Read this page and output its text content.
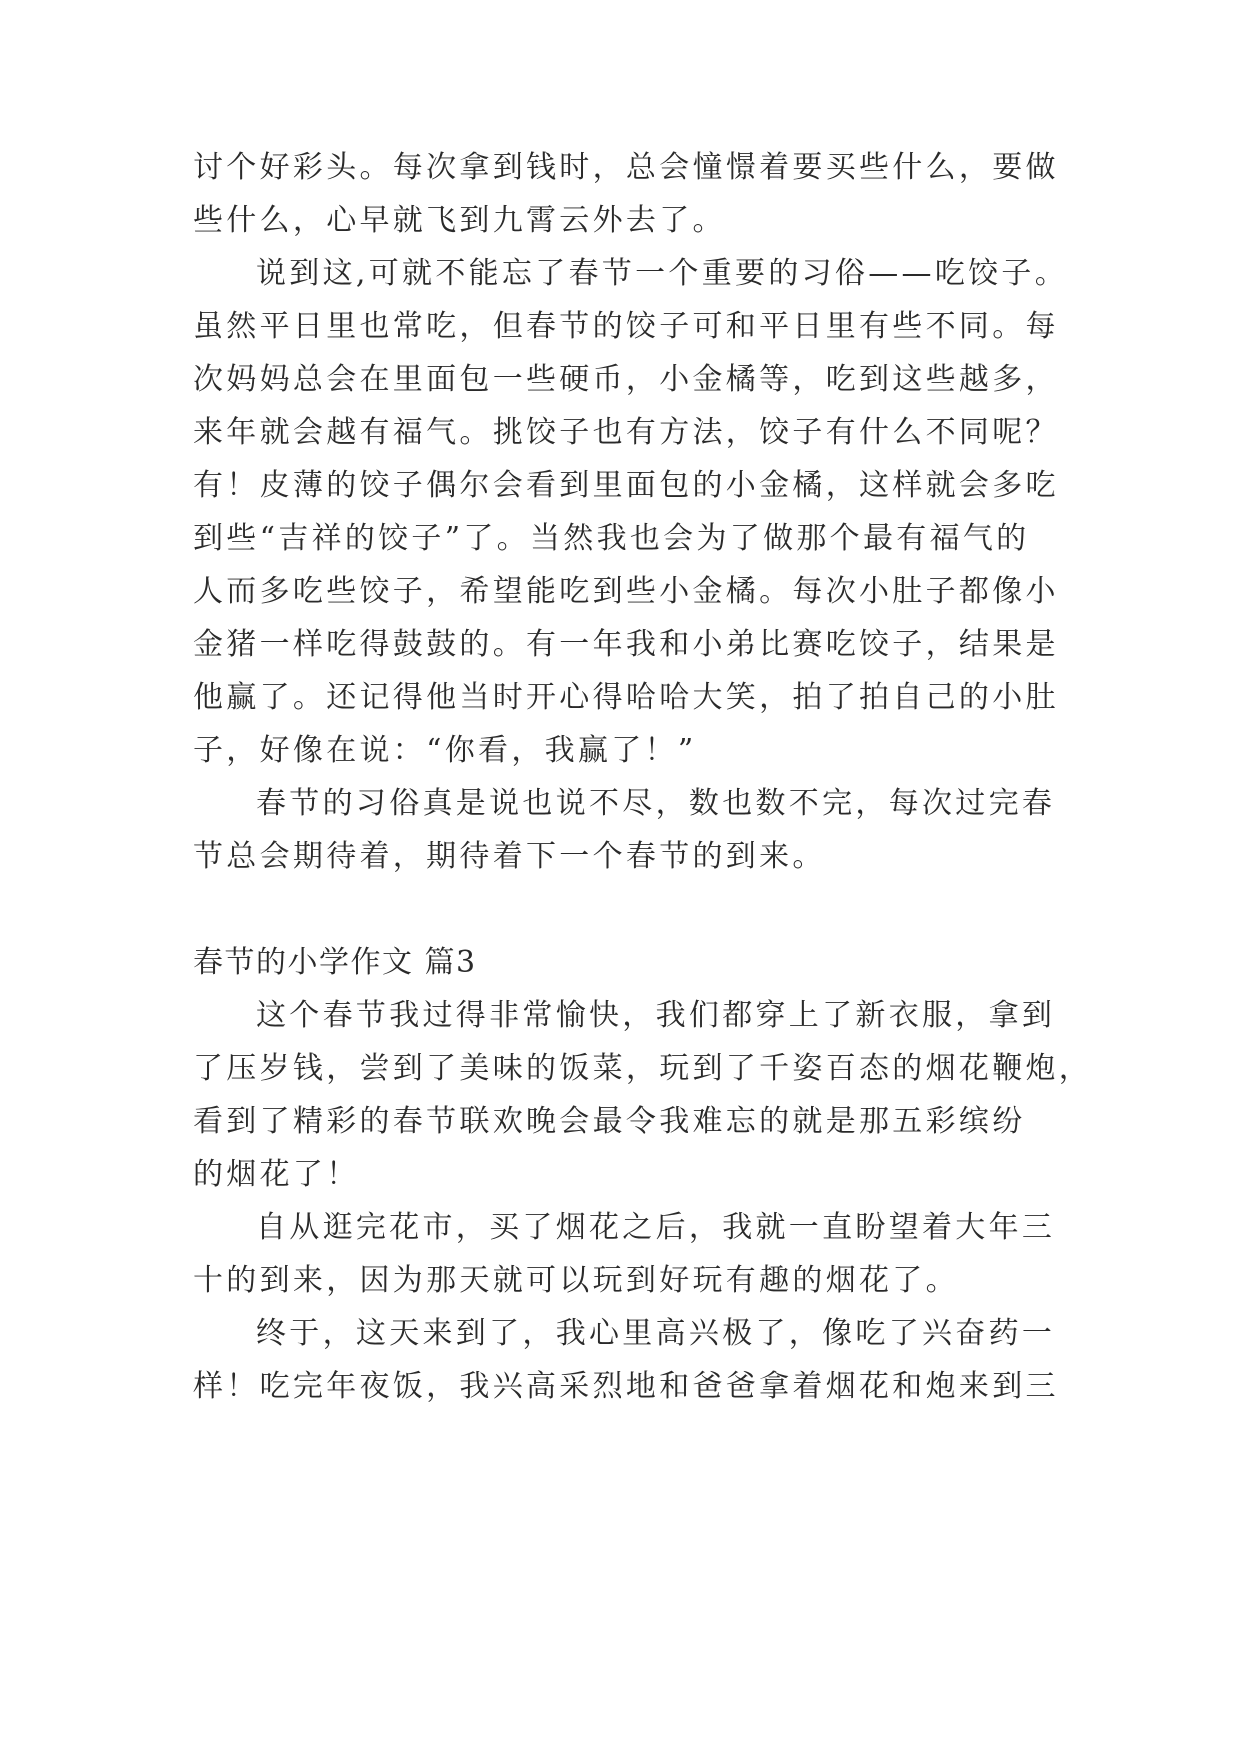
讨个好彩头。每次拿到钱时，总会憧憬着要买些什么，要做
些什么，心早就飞到九霄云外去了。
说到这,可就不能忘了春节一个重要的习俗——吃饺子。
虽然平日里也常吃，但春节的饺子可和平日里有些不同。每
次妈妈总会在里面包一些硬币，小金橘等，吃到这些越多，
来年就会越有福气。挑饺子也有方法，饺子有什么不同呢？
有！皮薄的饺子偶尔会看到里面包的小金橘，这样就会多吃
到些“吉祥的饺子”了。当然我也会为了做那个最有福气的
人而多吃些饺子，希望能吃到些小金橘。每次小肚子都像小
金猪一样吃得鼓鼓的。有一年我和小弟比赛吃饺子，结果是
他赢了。还记得他当时开心得哈哈大笑，拍了拍自己的小肚
子，好像在说：“你看，我赢了！”
春节的习俗真是说也说不尽，数也数不完，每次过完春
节总会期待着，期待着下一个春节的到来。
春节的小学作文 篇3
这个春节我过得非常愉快，我们都穿上了新衣服，拿到
了压岁钱，尝到了美味的饭菜，玩到了千姿百态的烟花鞭炮，
看到了精彩的春节联欢晚会最令我难忘的就是那五彩缤纷
的烟花了！
自从逛完花市，买了烟花之后，我就一直盼望着大年三
十的到来，因为那天就可以玩到好玩有趣的烟花了。
终于，这天来到了，我心里高兴极了，像吃了兴奋药一
样！吃完年夜饭，我兴高采烈地和爸爸拿着烟花和炮来到三
